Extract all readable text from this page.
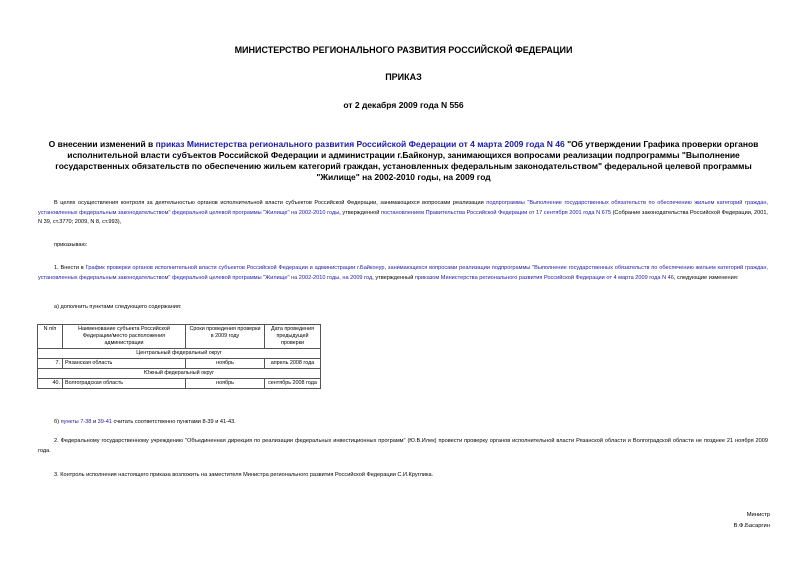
МИНИСТЕРСТВО РЕГИОНАЛЬНОГО РАЗВИТИЯ РОССИЙСКОЙ ФЕДЕРАЦИИ
ПРИКАЗ
от 2 декабря 2009 года N 556
О внесении изменений в приказ Министерства регионального развития Российской Федерации от 4 марта 2009 года N 46 "Об утверждении Графика проверки органов исполнительной власти субъектов Российской Федерации и администрации г.Байконур, занимающихся вопросами реализации подпрограммы "Выполнение государственных обязательств по обеспечению жильем категорий граждан, установленных федеральным законодательством" федеральной целевой программы "Жилище" на 2002-2010 годы, на 2009 год
В целях осуществления контроля за деятельностью органов исполнительной власти субъектов Российской Федерации, занимающихся вопросами реализации подпрограммы "Выполнение государственных обязательств по обеспечению жильем категорий граждан, установленных федеральным законодательством" федеральной целевой программы "Жилище" на 2002-2010 годы, утвержденной постановлением Правительства Российской Федерации от 17 сентября 2001 года N 675 (Собрание законодательства Российской Федерации, 2001, N 39, ст.3770; 2009, N 8, ст.993),
приказываю:
1. Внести в График проверки органов исполнительной власти субъектов Российской Федерации и администрации г.Байконур, занимающихся вопросами реализации подпрограммы "Выполнение государственных обязательств по обеспечению жильем категорий граждан, установленных федеральным законодательством" федеральной целевой программы "Жилище" на 2002-2010 годы, на 2009 год, утвержденный приказом Министерства регионального развития Российской Федерации от 4 марта 2009 года N 46, следующие изменения:
а) дополнить пунктами следующего содержания:
N п/п	Наименование субъекта Российской Федерации/место расположения администрации	Сроки проведения проверки в 2009 году	Дата проведения предыдущей проверки
Центральный федеральный округ			
7.	Рязанская область	ноябрь	апрель 2008 года
Южный федеральный округ			
40.	Волгоградская область	ноябрь	сентябрь 2008 года
б) пункты 7-38 и 39-41 считать соответственно пунктами 8-39 и 41-43.
2. Федеральному государственному учреждению "Объединенная дирекция по реализации федеральных инвестиционных программ" (Ю.В.Илек) провести проверку органов исполнительной власти Рязанской области и Волгоградской области не позднее 21 ноября 2009 года.
3. Контроль исполнения настоящего приказа возложить на заместителя Министра регионального развития Российской Федерации С.И.Круглика.
Министр
В.Ф.Басаргин
